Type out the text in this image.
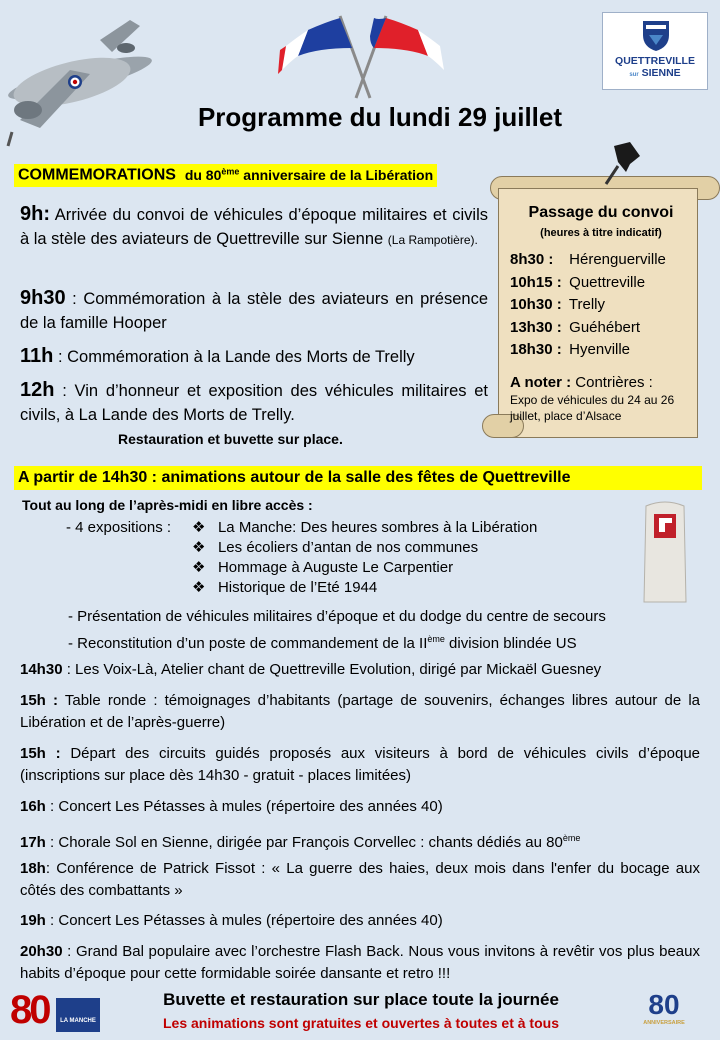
QUETTREVILLE
sur SIENNE
Programme du lundi 29 juillet
COMMEMORATIONS du 80ème anniversaire de la Libération
9h: Arrivée du convoi de véhicules d’époque militaires et civils à la stèle des aviateurs de Quettreville sur Sienne (La Rampotière).
9h30 : Commémoration à la stèle des aviateurs en présence de la famille Hooper
11h : Commémoration à la Lande des Morts de Trelly
12h : Vin d’honneur et exposition des véhicules militaires et civils, à La Lande des Morts de Trelly.
Restauration et buvette sur place.
Passage du convoi
(heures à titre indicatif)
8h30 : Hérenguerville
10h15 : Quettreville
10h30 : Trelly
13h30 : Guéhébert
18h30 : Hyenville
A noter : Contrières :
Expo de véhicules du 24 au 26 juillet, place d’Alsace
A partir de 14h30 : animations autour de la salle des fêtes de Quettreville
Tout au long de l’après-midi en libre accès :
- 4 expositions : ❖ La Manche: Des heures sombres à la Libération
❖ Les écoliers d’antan de nos communes
❖ Hommage à Auguste Le Carpentier
❖ Historique de l’Eté 1944
- Présentation de véhicules militaires d’époque et du dodge du centre de secours
- Reconstitution d’un poste de commandement de la IIème division blindée US
14h30 : Les Voix-Là, Atelier chant de Quettreville Evolution, dirigé par Mickaël Guesney
15h : Table ronde : témoignages d’habitants (partage de souvenirs, échanges libres autour de la Libération et de l’après-guerre)
15h : Départ des circuits guidés proposés aux visiteurs à bord de véhicules civils d’époque (inscriptions sur place dès 14h30 - gratuit - places limitées)
16h : Concert Les Pétasses à mules (répertoire des années 40)
17h : Chorale Sol en Sienne, dirigée par François Corvellec : chants dédiés au 80ème
18h: Conférence de Patrick Fissot : « La guerre des haies, deux mois dans l'enfer du bocage aux côtés des combattants »
19h : Concert Les Pétasses à mules (répertoire des années 40)
20h30 : Grand Bal populaire avec l’orchestre Flash Back. Nous vous invitons à revêtir vos plus beaux habits d’époque pour cette formidable soirée dansante et retro !!!
80	LA MANCHE
Buvette et restauration sur place toute la journée
Les animations sont gratuites et ouvertes à toutes et à tous
80
ANNIVERSAIRE
